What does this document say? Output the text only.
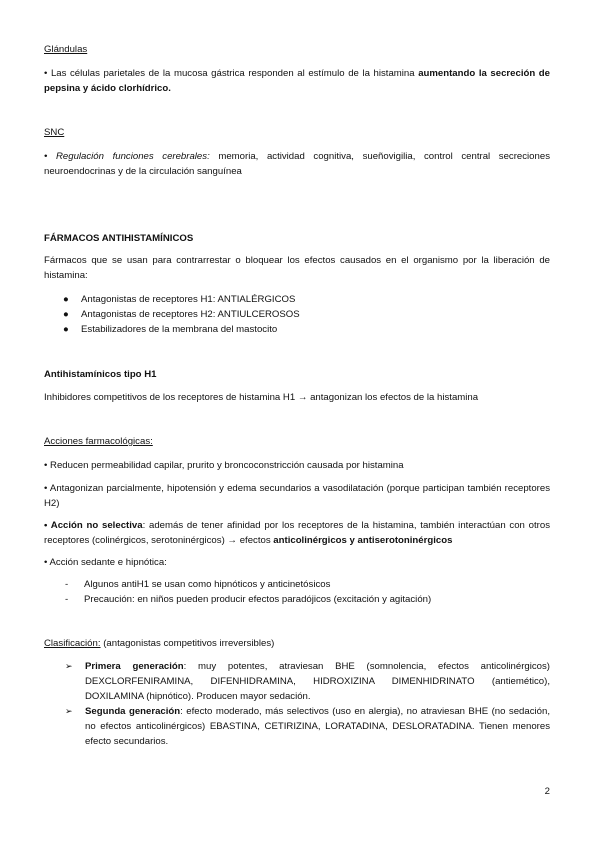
Glándulas
• Las células parietales de la mucosa gástrica responden al estímulo de la histamina aumentando la secreción de pepsina y ácido clorhídrico.
SNC
• Regulación funciones cerebrales: memoria, actividad cognitiva, sueñovigilia, control central secreciones neuroendocrinas y de la circulación sanguínea
FÁRMACOS ANTIHISTAMÍNICOS
Fármacos que se usan para contrarrestar o bloquear los efectos causados en el organismo por la liberación de histamina:
● Antagonistas de receptores H1: ANTIALÉRGICOS
● Antagonistas de receptores H2: ANTIULCEROSOS
● Estabilizadores de la membrana del mastocito
Antihistamínicos tipo H1
Inhibidores competitivos de los receptores de histamina H1 → antagonizan los efectos de la histamina
Acciones farmacológicas:
• Reducen permeabilidad capilar, prurito y broncoconstricción causada por histamina
• Antagonizan parcialmente, hipotensión y edema secundarios a vasodilatación (porque participan también receptores H2)
• Acción no selectiva: además de tener afinidad por los receptores de la histamina, también interactúan con otros receptores (colinérgicos, serotoninérgicos) → efectos anticolinérgicos y antiserotoninérgicos
• Acción sedante e hipnótica:
- Algunos antiH1 se usan como hipnóticos y anticinetósicos
- Precaución: en niños pueden producir efectos paradójicos (excitación y agitación)
Clasificación: (antagonistas competitivos irreversibles)
➢ Primera generación: muy potentes, atraviesan BHE (somnolencia, efectos anticolinérgicos) DEXCLORFENIRAMINA, DIFENHIDRAMINA, HIDROXIZINA DIMENHIDRINATO (antiemético), DOXILAMINA (hipnótico). Producen mayor sedación.
➢ Segunda generación: efecto moderado, más selectivos (uso en alergia), no atraviesan BHE (no sedación, no efectos anticolinérgicos) EBASTINA, CETIRIZINA, LORATADINA, DESLORATADINA. Tienen menores efecto secundarios.
2
